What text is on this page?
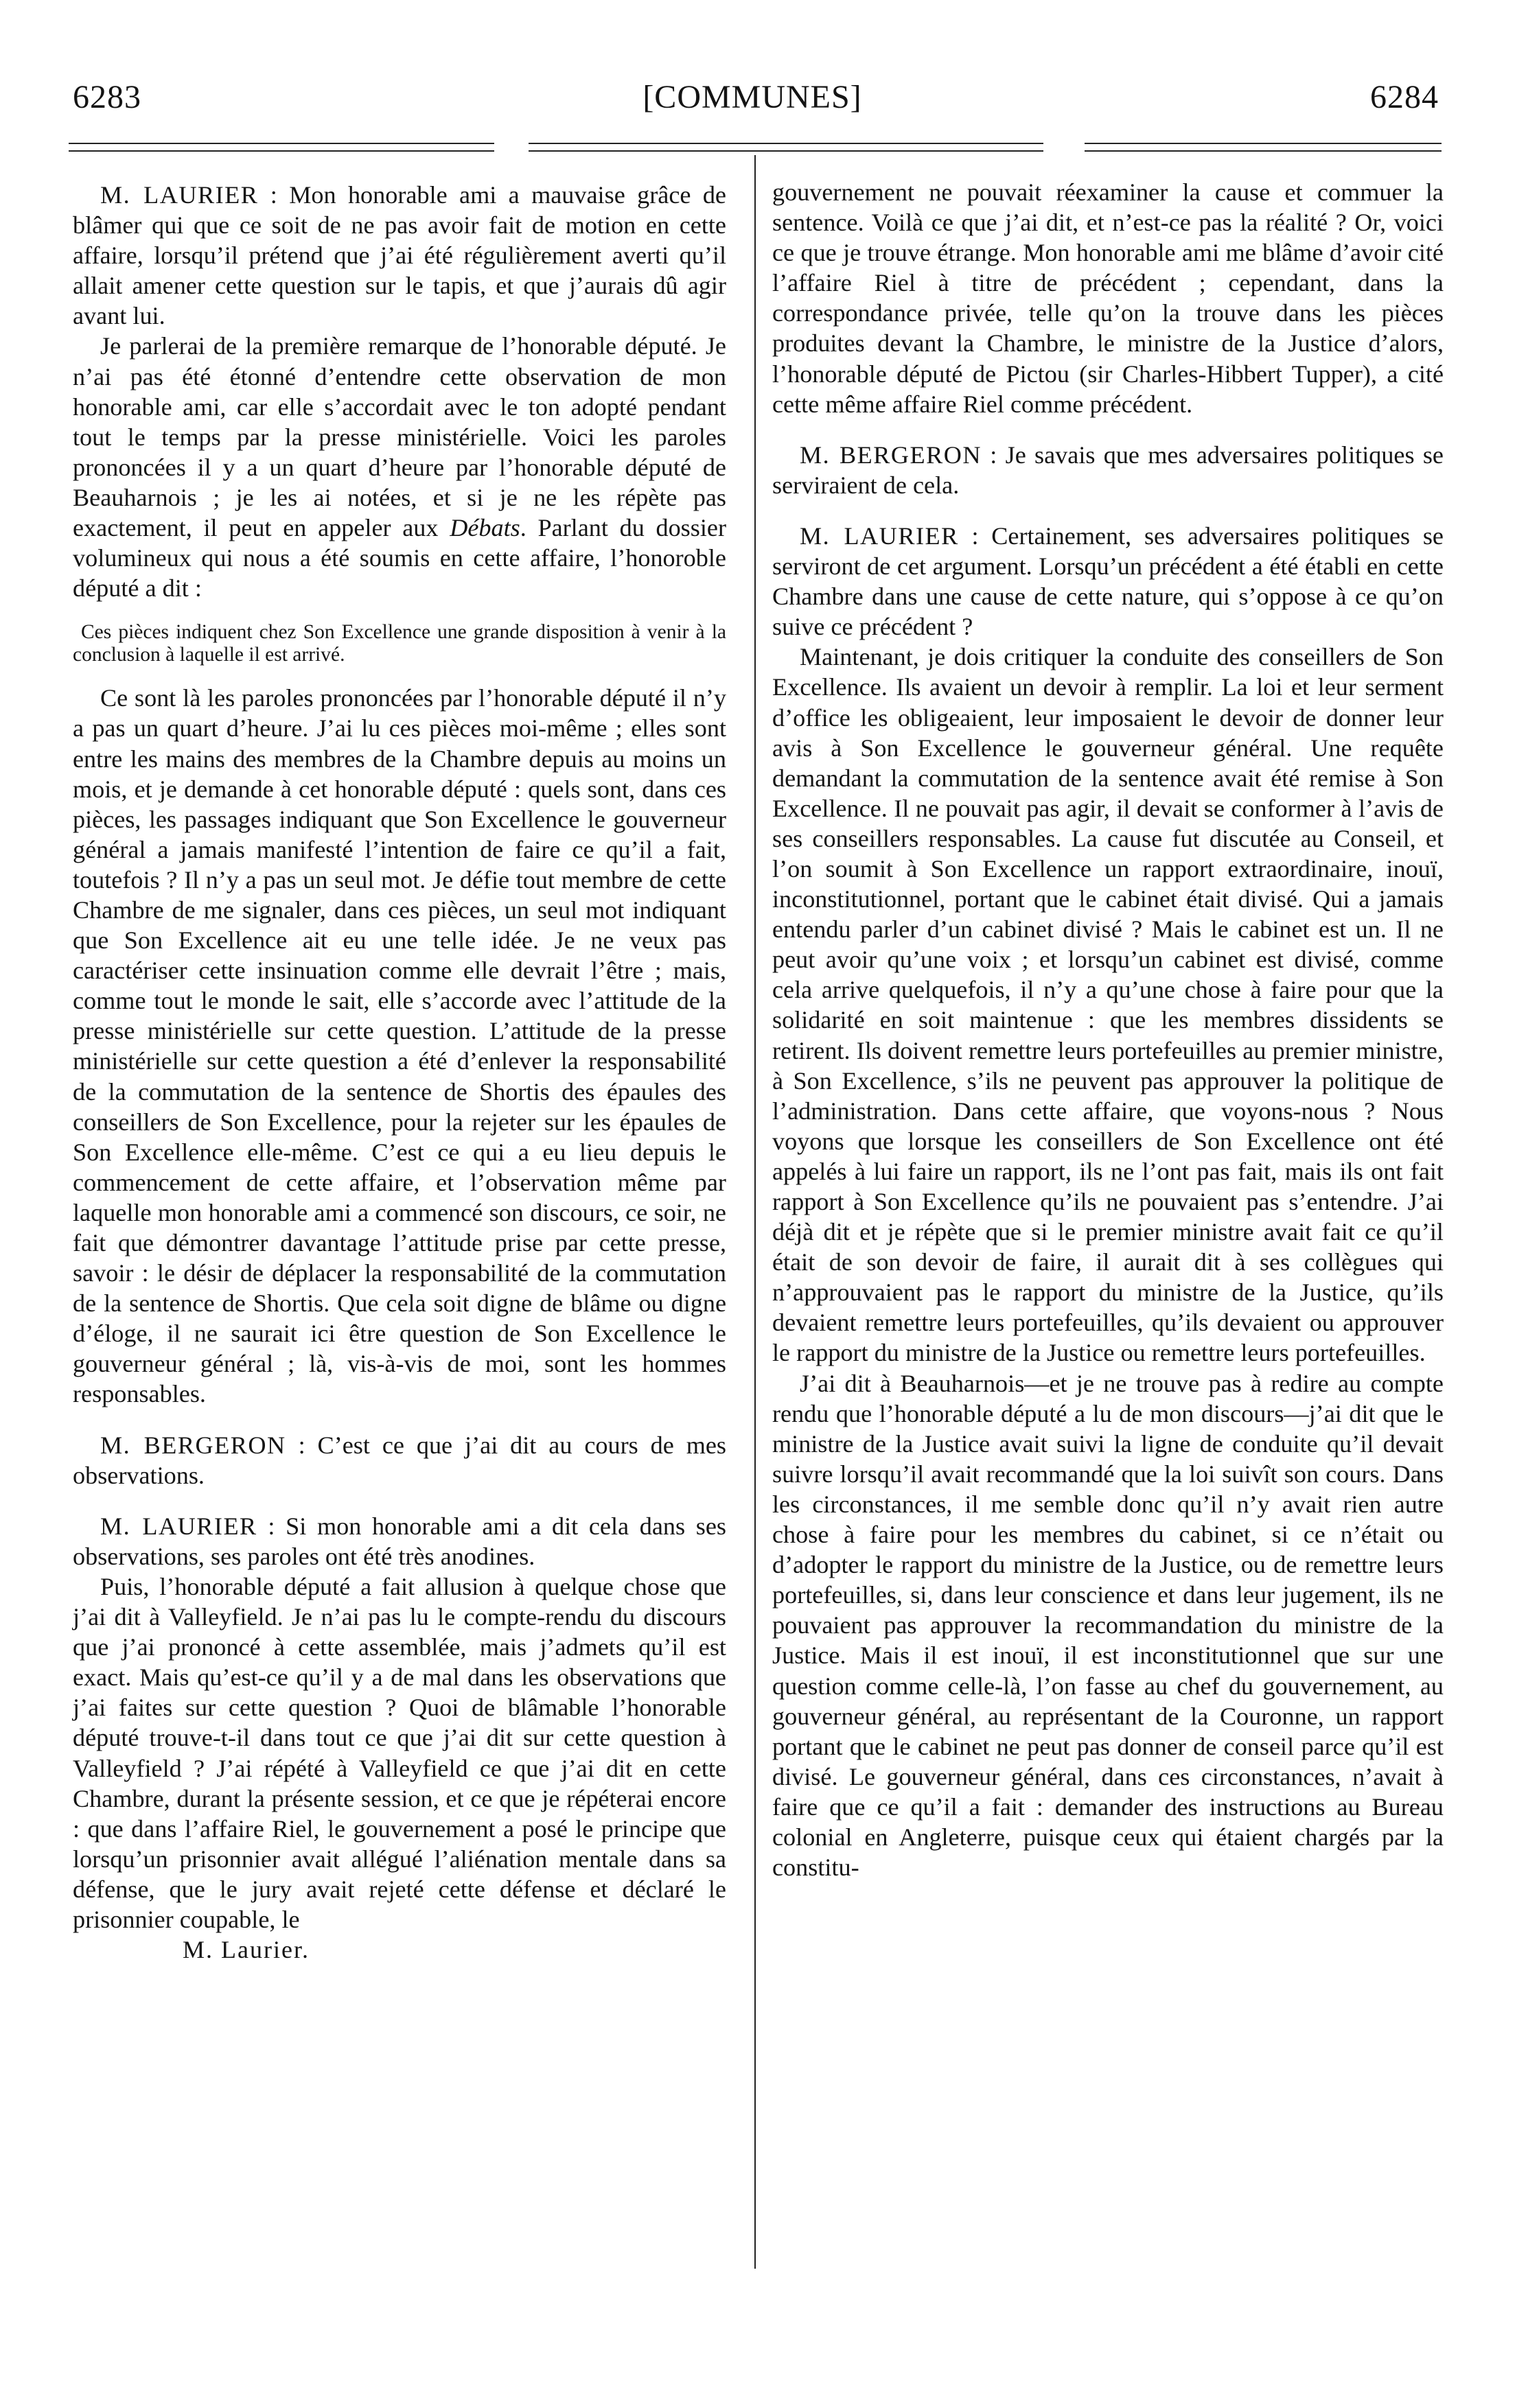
6283	[COMMUNES]	6284

M. LAURIER : Mon honorable ami a mauvaise grâce de blâmer qui que ce soit de ne pas avoir fait de motion en cette affaire, lorsqu’il prétend que j’ai été régulièrement averti qu’il allait amener cette question sur le tapis, et que j’aurais dû agir avant lui.

Je parlerai de la première remarque de l’honorable député. Je n’ai pas été étonné d’entendre cette observation de mon honorable ami, car elle s’accordait avec le ton adopté pendant tout le temps par la presse ministérielle. Voici les paroles prononcées il y a un quart d’heure par l’honorable député de Beauharnois ; je les ai notées, et si je ne les répète pas exactement, il peut en appeler aux Débats. Parlant du dossier volumineux qui nous a été soumis en cette affaire, l’honoroble député a dit :

Ces pièces indiquent chez Son Excellence une grande disposition à venir à la conclusion à laquelle il est arrivé.

Ce sont là les paroles prononcées par l’honorable député il n’y a pas un quart d’heure. J’ai lu ces pièces moi-même ; elles sont entre les mains des membres de la Chambre depuis au moins un mois, et je demande à cet honorable député : quels sont, dans ces pièces, les passages indiquant que Son Excellence le gouverneur général a jamais manifesté l’intention de faire ce qu’il a fait, toutefois ? Il n’y a pas un seul mot. Je défie tout membre de cette Chambre de me signaler, dans ces pièces, un seul mot indiquant que Son Excellence ait eu une telle idée. Je ne veux pas caractériser cette insinuation comme elle devrait l’être ; mais, comme tout le monde le sait, elle s’accorde avec l’attitude de la presse ministérielle sur cette question. L’attitude de la presse ministérielle sur cette question a été d’enlever la responsabilité de la commutation de la sentence de Shortis des épaules des conseillers de Son Excellence, pour la rejeter sur les épaules de Son Excellence elle-même. C’est ce qui a eu lieu depuis le commencement de cette affaire, et l’observation même par laquelle mon honorable ami a commencé son discours, ce soir, ne fait que démontrer davantage l’attitude prise par cette presse, savoir : le désir de déplacer la responsabilité de la commutation de la sentence de Shortis. Que cela soit digne de blâme ou digne d’éloge, il ne saurait ici être question de Son Excellence le gouverneur général ; là, vis-à-vis de moi, sont les hommes responsables.

M. BERGERON : C’est ce que j’ai dit au cours de mes observations.

M. LAURIER : Si mon honorable ami a dit cela dans ses observations, ses paroles ont été très anodines.

Puis, l’honorable député a fait allusion à quelque chose que j’ai dit à Valleyfield. Je n’ai pas lu le compte-rendu du discours que j’ai prononcé à cette assemblée, mais j’admets qu’il est exact. Mais qu’est-ce qu’il y a de mal dans les observations que j’ai faites sur cette question ? Quoi de blâmable l’honorable député trouve-t-il dans tout ce que j’ai dit sur cette question à Valleyfield ? J’ai répété à Valleyfield ce que j’ai dit en cette Chambre, durant la présente session, et ce que je répéterai encore : que dans l’affaire Riel, le gouvernement a posé le principe que lorsqu’un prisonnier avait allégué l’aliénation mentale dans sa défense, que le jury avait rejeté cette défense et déclaré le prisonnier coupable, le

M. Laurier.

gouvernement ne pouvait réexaminer la cause et commuer la sentence. Voilà ce que j’ai dit, et n’est-ce pas la réalité ? Or, voici ce que je trouve étrange. Mon honorable ami me blâme d’avoir cité l’affaire Riel à titre de précédent ; cependant, dans la correspondance privée, telle qu’on la trouve dans les pièces produites devant la Chambre, le ministre de la Justice d’alors, l’honorable député de Pictou (sir Charles-Hibbert Tupper), a cité cette même affaire Riel comme précédent.

M. BERGERON : Je savais que mes adversaires politiques se serviraient de cela.

M. LAURIER : Certainement, ses adversaires politiques se serviront de cet argument. Lorsqu’un précédent a été établi en cette Chambre dans une cause de cette nature, qui s’oppose à ce qu’on suive ce précédent ?

Maintenant, je dois critiquer la conduite des conseillers de Son Excellence. Ils avaient un devoir à remplir. La loi et leur serment d’office les obligeaient, leur imposaient le devoir de donner leur avis à Son Excellence le gouverneur général. Une requête demandant la commutation de la sentence avait été remise à Son Excellence. Il ne pouvait pas agir, il devait se conformer à l’avis de ses conseillers responsables. La cause fut discutée au Conseil, et l’on soumit à Son Excellence un rapport extraordinaire, inouï, inconstitutionnel, portant que le cabinet était divisé. Qui a jamais entendu parler d’un cabinet divisé ? Mais le cabinet est un. Il ne peut avoir qu’une voix ; et lorsqu’un cabinet est divisé, comme cela arrive quelquefois, il n’y a qu’une chose à faire pour que la solidarité en soit maintenue : que les membres dissidents se retirent. Ils doivent remettre leurs portefeuilles au premier ministre, à Son Excellence, s’ils ne peuvent pas approuver la politique de l’administration. Dans cette affaire, que voyons-nous ? Nous voyons que lorsque les conseillers de Son Excellence ont été appelés à lui faire un rapport, ils ne l’ont pas fait, mais ils ont fait rapport à Son Excellence qu’ils ne pouvaient pas s’entendre. J’ai déjà dit et je répète que si le premier ministre avait fait ce qu’il était de son devoir de faire, il aurait dit à ses collègues qui n’approuvaient pas le rapport du ministre de la Justice, qu’ils devaient remettre leurs portefeuilles, qu’ils devaient ou approuver le rapport du ministre de la Justice ou remettre leurs portefeuilles.

J’ai dit à Beauharnois—et je ne trouve pas à redire au compte rendu que l’honorable député a lu de mon discours—j’ai dit que le ministre de la Justice avait suivi la ligne de conduite qu’il devait suivre lorsqu’il avait recommandé que la loi suivît son cours. Dans les circonstances, il me semble donc qu’il n’y avait rien autre chose à faire pour les membres du cabinet, si ce n’était ou d’adopter le rapport du ministre de la Justice, ou de remettre leurs portefeuilles, si, dans leur conscience et dans leur jugement, ils ne pouvaient pas approuver la recommandation du ministre de la Justice. Mais il est inouï, il est inconstitutionnel que sur une question comme celle-là, l’on fasse au chef du gouvernement, au gouverneur général, au représentant de la Couronne, un rapport portant que le cabinet ne peut pas donner de conseil parce qu’il est divisé. Le gouverneur général, dans ces circonstances, n’avait à faire que ce qu’il a fait : demander des instructions au Bureau colonial en Angleterre, puisque ceux qui étaient chargés par la constitu-
